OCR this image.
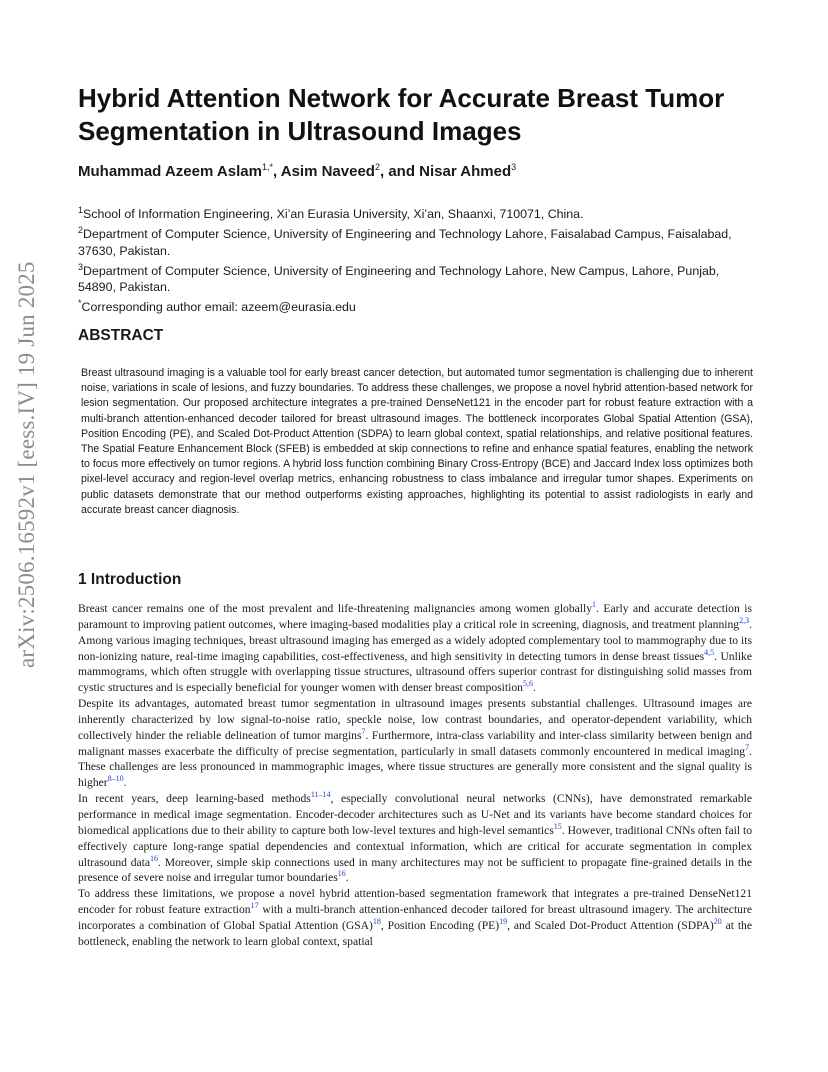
arXiv:2506.16592v1 [eess.IV] 19 Jun 2025
Hybrid Attention Network for Accurate Breast Tumor Segmentation in Ultrasound Images
Muhammad Azeem Aslam$^{1,*}$, Asim Naveed$^2$, and Nisar Ahmed$^3$

$^1$School of Information Engineering, Xi’an Eurasia University, Xi’an, Shaanxi, 710071, China.

$^2$Department of Computer Science, University of Engineering and Technology Lahore, Faisalabad Campus, Faisalabad, 37630, Pakistan.

$^3$Department of Computer Science, University of Engineering and Technology Lahore, New Campus, Lahore, Punjab, 54890, Pakistan.

*Corresponding author email: azeem@eurasia.edu

ABSTRACT

Breast ultrasound imaging is a valuable tool for early breast cancer detection, but automated tumor segmentation is challenging due to inherent noise, variations in scale of lesions, and fuzzy boundaries. To address these challenges, we propose a novel hybrid attention-based network for lesion segmentation. Our proposed architecture integrates a pre-trained DenseNet121 in the encoder part for robust feature extraction with a multi-branch attention-enhanced decoder tailored for breast ultrasound images. The bottleneck incorporates Global Spatial Attention (GSA), Position Encoding (PE), and Scaled Dot-Product Attention (SDPA) to learn global context, spatial relationships, and relative positional features. The Spatial Feature Enhancement Block (SFEB) is embedded at skip connections to refine and enhance spatial features, enabling the network to focus more effectively on tumor regions. A hybrid loss function combining Binary Cross-Entropy (BCE) and Jaccard Index loss optimizes both pixel-level accuracy and region-level overlap metrics, enhancing robustness to class imbalance and irregular tumor shapes. Experiments on public datasets demonstrate that our method outperforms existing approaches, highlighting its potential to assist radiologists in early and accurate breast cancer diagnosis.

1 Introduction

Breast cancer remains one of the most prevalent and life-threatening malignancies among women globally$^1$. Early and accurate detection is paramount to improving patient outcomes, where imaging-based modalities play a critical role in screening, diagnosis, and treatment planning$^{2,3}$. Among various imaging techniques, breast ultrasound imaging has emerged as a widely adopted complementary tool to mammography due to its non-ionizing nature, real-time imaging capabilities, cost-effectiveness, and high sensitivity in detecting tumors in dense breast tissues$^{4,5}$. Unlike mammograms, which often struggle with overlapping tissue structures, ultrasound offers superior contrast for distinguishing solid masses from cystic structures and is especially beneficial for younger women with denser breast composition$^{5,6}$.

Despite its advantages, automated breast tumor segmentation in ultrasound images presents substantial challenges. Ultrasound images are inherently characterized by low signal-to-noise ratio, speckle noise, low contrast boundaries, and operator-dependent variability, which collectively hinder the reliable delineation of tumor margins$^7$. Furthermore, intra-class variability and inter-class similarity between benign and malignant masses exacerbate the difficulty of precise segmentation, particularly in small datasets commonly encountered in medical imaging$^7$. These challenges are less pronounced in mammographic images, where tissue structures are generally more consistent and the signal quality is higher$^{8-10}$.

In recent years, deep learning-based methods$^{11-14}$, especially convolutional neural networks (CNNs), have demonstrated remarkable performance in medical image segmentation. Encoder-decoder architectures such as U-Net and its variants have become standard choices for biomedical applications due to their ability to capture both low-level textures and high-level semantics$^{15}$. However, traditional CNNs often fail to effectively capture long-range spatial dependencies and contextual information, which are critical for accurate segmentation in complex ultrasound data$^{16}$. Moreover, simple skip connections used in many architectures may not be sufficient to propagate fine-grained details in the presence of severe noise and irregular tumor boundaries$^{16}$.

To address these limitations, we propose a novel hybrid attention-based segmentation framework that integrates a pre-trained DenseNet121 encoder for robust feature extraction$^{17}$ with a multi-branch attention-enhanced decoder tailored for breast ultrasound imagery. The architecture incorporates a combination of Global Spatial Attention (GSA)$^{18}$, Position Encoding (PE)$^{19}$, and Scaled Dot-Product Attention (SDPA)$^{20}$ at the bottleneck, enabling the network to learn global context, spatial
